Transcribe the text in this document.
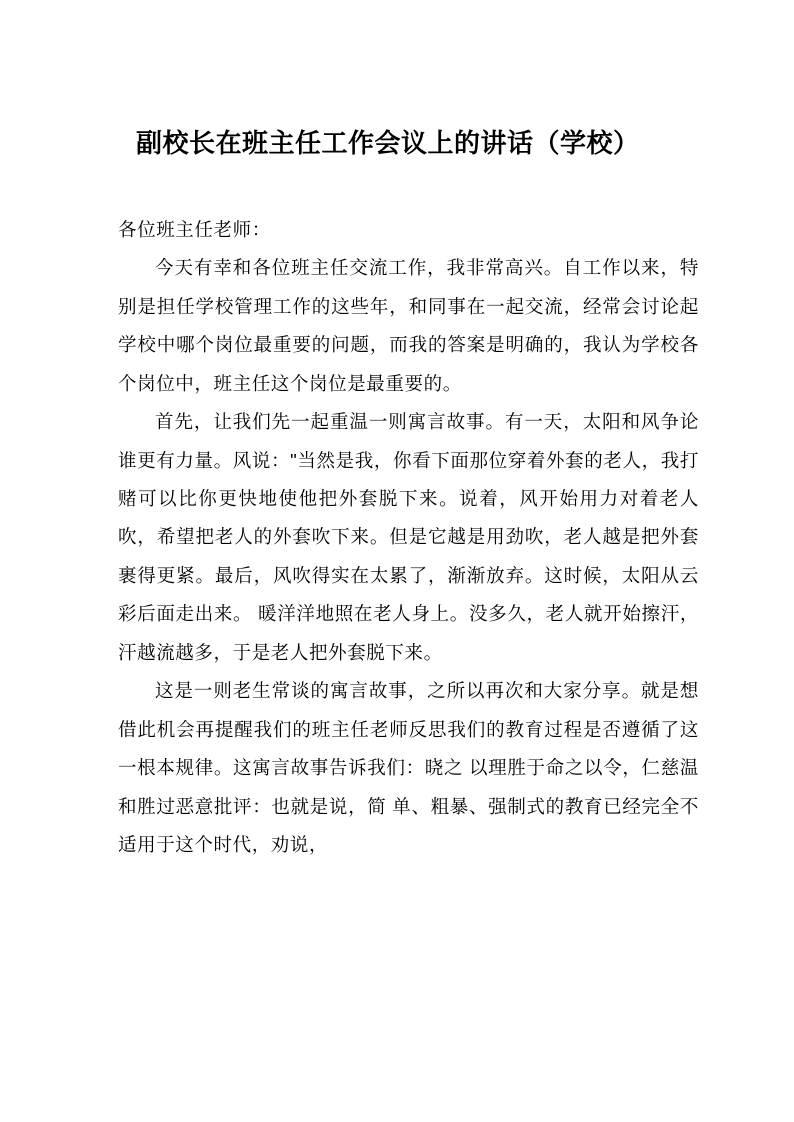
副校长在班主任工作会议上的讲话（学校）

各位班主任老师：

今天有幸和各位班主任交流工作，我非常高兴。自工作以来，特别是担任学校管理工作的这些年，和同事在一起交流，经常会讨论起学校中哪个岗位最重要的问题，而我的答案是明确的，我认为学校各个岗位中，班主任这个岗位是最重要的。

首先，让我们先一起重温一则寓言故事。有一天，太阳和风争论谁更有力量。风说："当然是我，你看下面那位穿着外套的老人，我打赌可以比你更快地使他把外套脱下来。说着，风开始用力对着老人吹，希望把老人的外套吹下来。但是它越是用劲吹，老人越是把外套裹得更紧。最后，风吹得实在太累了，渐渐放弃。这时候，太阳从云彩后面走出来。 暖洋洋地照在老人身上。没多久，老人就开始擦汗，汗越流越多，于是老人把外套脱下来。

这是一则老生常谈的寓言故事，之所以再次和大家分享。就是想借此机会再提醒我们的班主任老师反思我们的教育过程是否遵循了这一根本规律。这寓言故事告诉我们：晓之 以理胜于命之以令，仁慈温和胜过恶意批评：也就是说，简 单、粗暴、强制式的教育已经完全不适用于这个时代，劝说，
